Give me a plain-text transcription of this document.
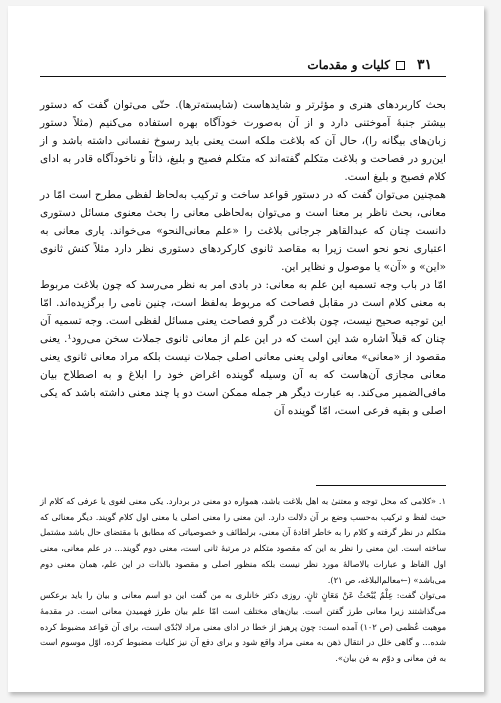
۳۱
کلیات و مقدمات

بحث کاربردهای هنری و مؤثرتر و شایدهاست (شایسته‌ترها). حتّی می‌توان گفت که دستور بیشتر جنبهٔ آموختنی دارد و از آن به‌صورت خودآگاه بهره استفاده می‌کنیم (مثلاً دستور زبان‌های بیگانه را)، حال آن که بلاغت ملکه است یعنی باید رسوخ نفسانی داشته باشد و از این‌رو در فصاحت و بلاغت متکلم گفته‌اند که متکلم فصیح و بلیغ، ذاتاً و ناخودآگاه قادر به ادای کلام فصیح و بلیغ است.

همچنین می‌توان گفت که در دستور قواعد ساخت و ترکیب به‌لحاظ لفظی مطرح است امّا در معانی، بحث ناظر بر معنا است و می‌توان به‌لحاظی معانی را بحث معنوی مسائل دستوری دانست چنان که عبدالقاهر جرجانی بلاغت را «علم معانی‌النحو» می‌خواند. یاری معانی به اعتباری نحو نحو است زیرا به مقاصد ثانوی کارکردهای دستوری نظر دارد مثلاً کنش ثانوی «این» و «آن» یا موصول و نظایر این.

امّا در باب وجه تسمیه این علم به معانی: در بادی امر به نظر می‌رسد که چون بلاغت مربوط به معنی کلام است در مقابل فصاحت که مربوط به‌لفظ است، چنین نامی را برگزیده‌اند. امّا این توجیه صحیح نیست، چون بلاغت در گرو فصاحت یعنی مسائل لفظی است. وجه تسمیه آن چنان که قبلاً اشاره شد این است که در این علم از معانی ثانوی جملات سخن می‌رود¹. یعنی مقصود از «معانی» معانی اولی یعنی معانی اصلی جملات نیست بلکه مراد معانی ثانوی یعنی معانی مجازی آن‌هاست که به آن وسیله گوینده اغراض خود را ابلاغ و به اصطلاح بیان مافی‌الضمیر می‌کند. به عبارت دیگر هر جمله ممکن است دو یا چند معنی داشته باشد که یکی اصلی و بقیه فرعی است، امّا گوینده آن

۱. «کلامی که محل توجه و معتنیٰ به اهل بلاغت باشد، همواره دو معنی در بردارد. یکی معنی لغوی یا عرفی که کلام از حیث لفظ و ترکیب به‌حسب وضع بر آن دلالت دارد. این معنی را معنی اصلی یا معنی اول کلام گویند. دیگر معنائی که متکلم در نظر گرفته و کلام را به خاطر افادهٔ آن معنی، برلطائف و خصوصیاتی که مطابق با مقتضای حال باشد مشتمل ساخته است. این معنی را نظر به این که مقصود متکلم در مرتبهٔ ثانی است، معنی دوم گویند... در علم معانی، معنی اول الفاظ و عبارات بالاصالهٔ مورد نظر نیست بلکه منظور اصلی و مقصود بالذات در این علم، همان معنی دوم می‌باشد» (←معالم‌البلاغه، ص ۲۱).

می‌توان گفت: عِلْمٌ يُبْحَثُ عَنْ مَعَانٍ ثانٍ. روزی دکتر خانلری به من گفت این دو اسم معانی و بیان را باید برعکس می‌گذاشتند زیرا معانی طرز گفتن است. بیان‌های مختلف است امّا علم بیان طرز فهمیدن معانی است. در مقدمهٔ موهبت عُظمی (ص ۱۰۲) آمده است: چون پرهیز از خطا در ادای معنی مراد لابُدّی است، برای آن قواعد مضبوط کرده شده... و گاهی خلل در انتقال ذهن به معنی مراد واقع شود و برای دفع آن نیز کلیات مضبوط کرده، اوّل موسوم است به فن معانی و دوّم به فن بیان».
